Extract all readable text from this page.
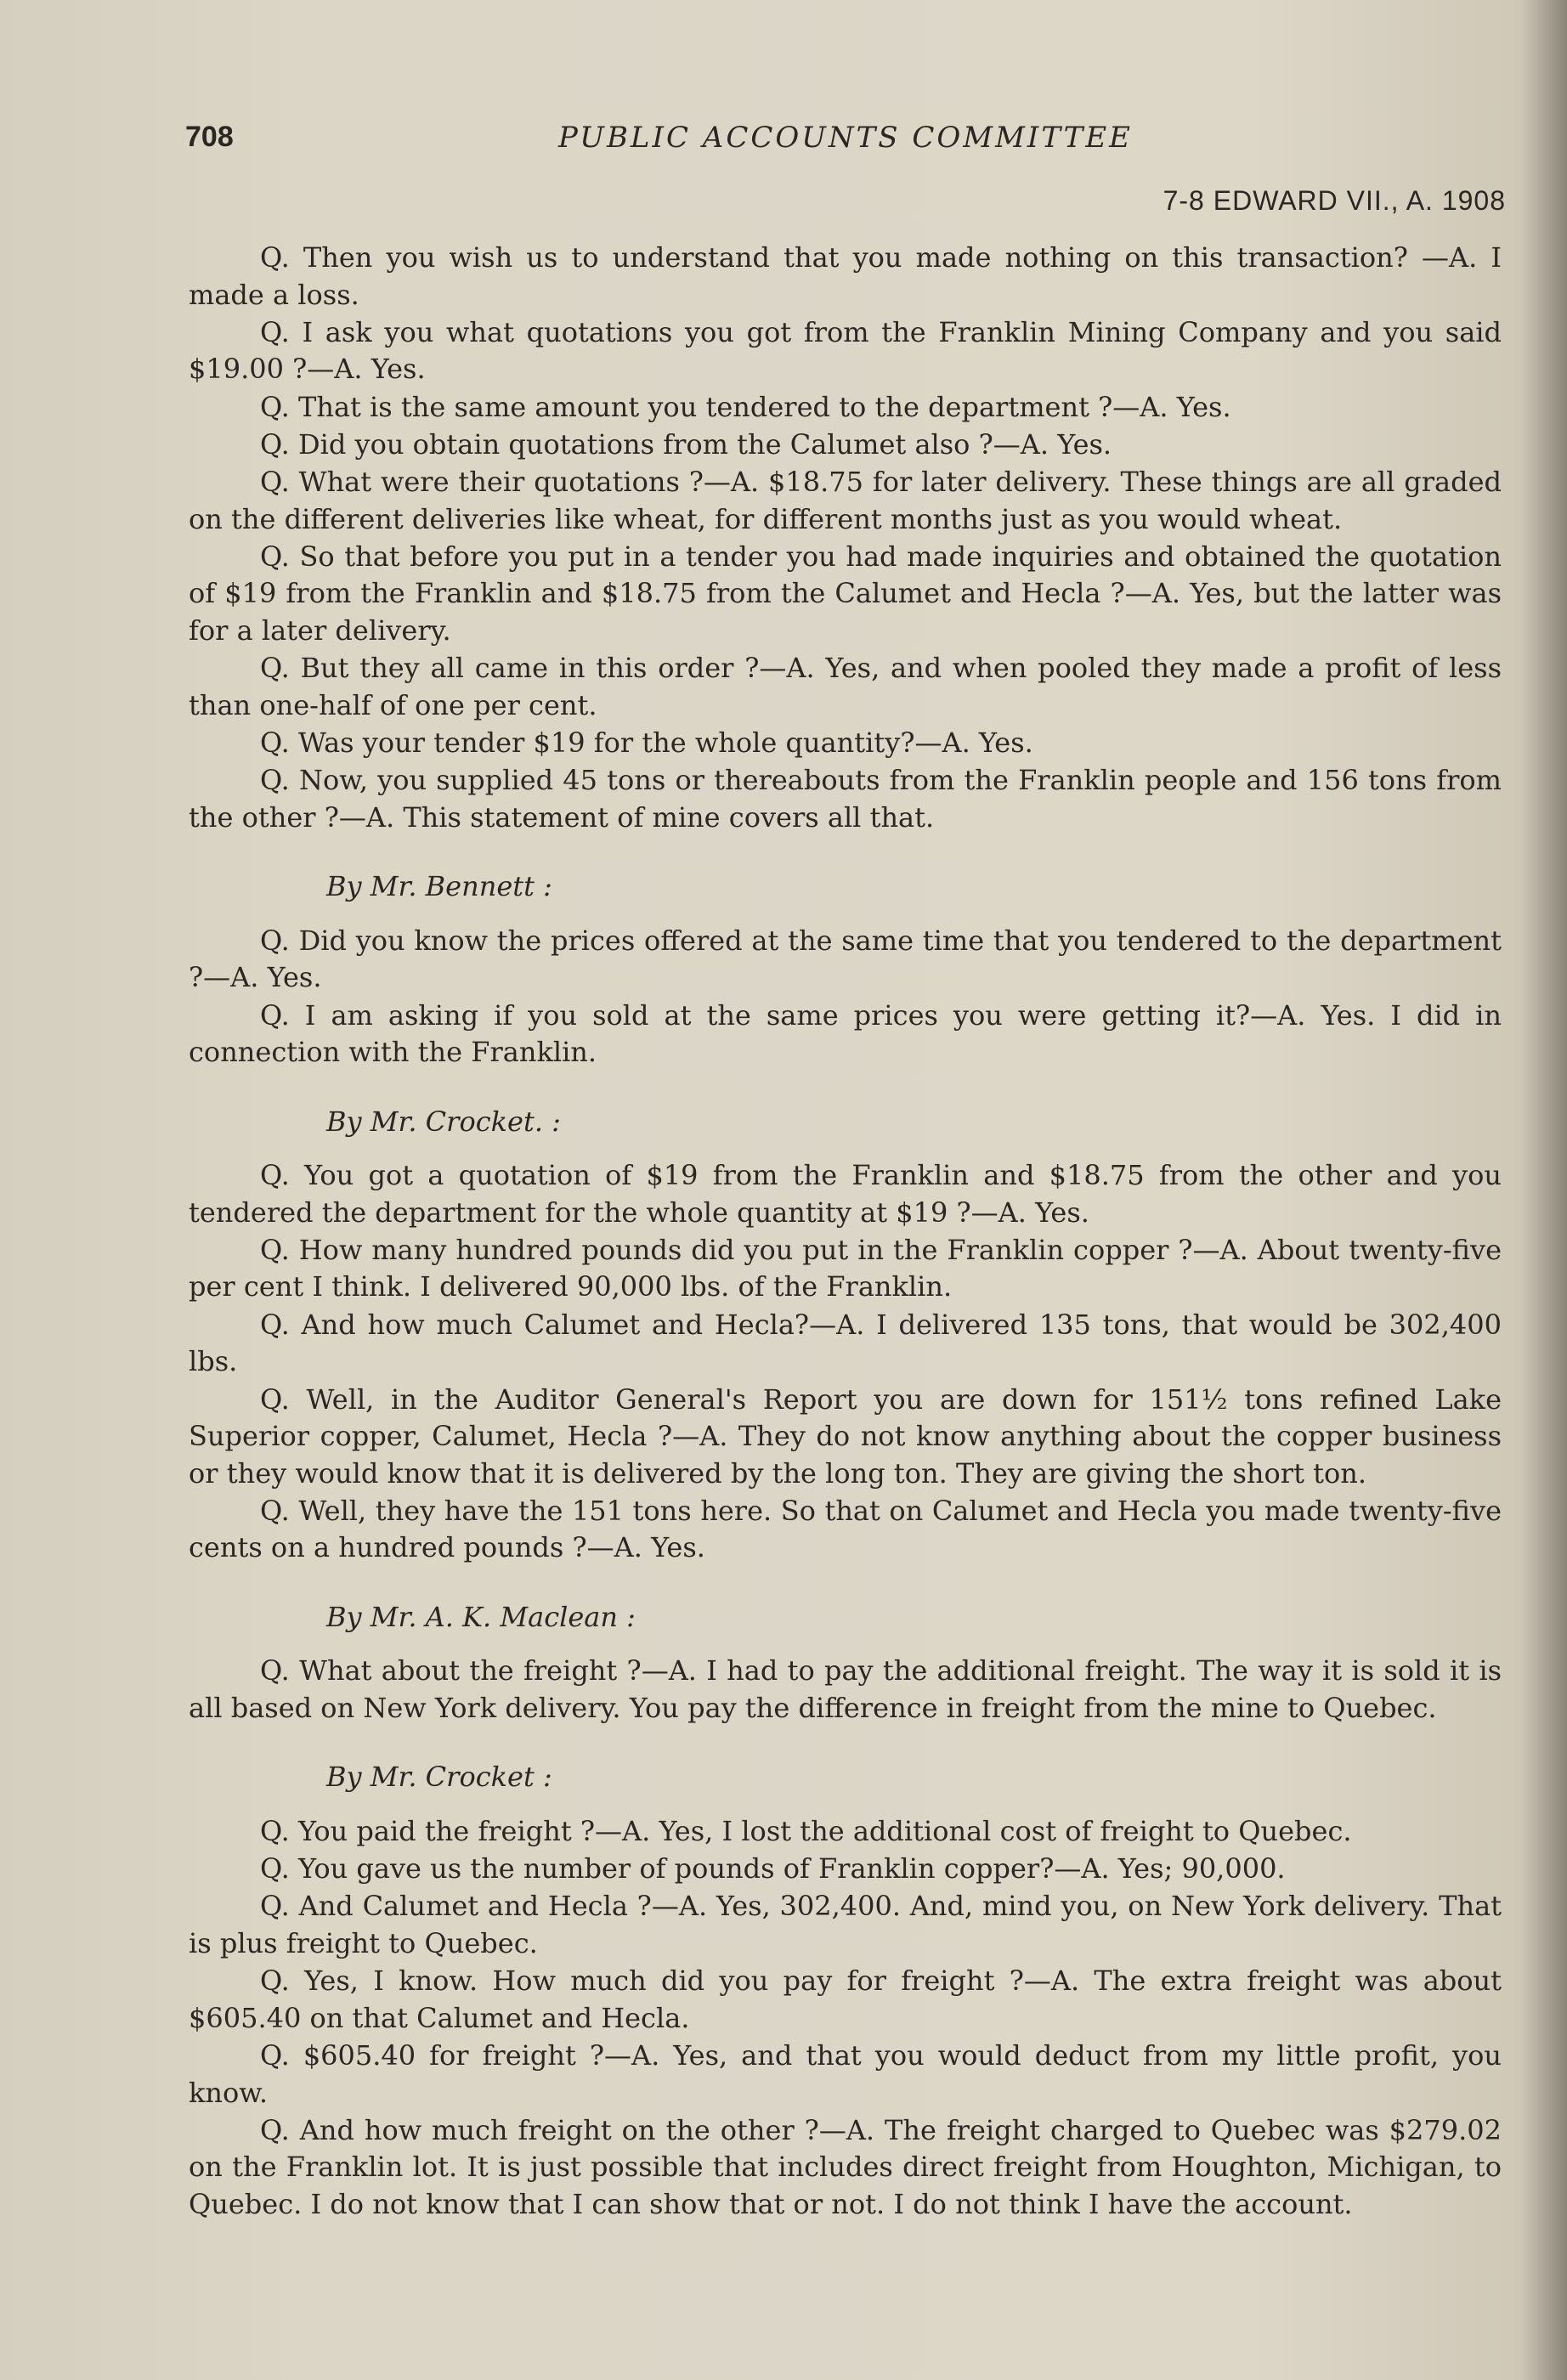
708	PUBLIC ACCOUNTS COMMITTEE
7-8 EDWARD VII., A. 1908

Q. Then you wish us to understand that you made nothing on this transaction? —A. I made a loss.

Q. I ask you what quotations you got from the Franklin Mining Company and you said $19.00 ?—A. Yes.

Q. That is the same amount you tendered to the department ?—A. Yes.

Q. Did you obtain quotations from the Calumet also ?—A. Yes.

Q. What were their quotations ?—A. $18.75 for later delivery. These things are all graded on the different deliveries like wheat, for different months just as you would wheat.

Q. So that before you put in a tender you had made inquiries and obtained the quotation of $19 from the Franklin and $18.75 from the Calumet and Hecla ?—A. Yes, but the latter was for a later delivery.

Q. But they all came in this order ?—A. Yes, and when pooled they made a profit of less than one-half of one per cent.

Q. Was your tender $19 for the whole quantity?—A. Yes.

Q. Now, you supplied 45 tons or thereabouts from the Franklin people and 156 tons from the other ?—A. This statement of mine covers all that.

By Mr. Bennett :

Q. Did you know the prices offered at the same time that you tendered to the department ?—A. Yes.

Q. I am asking if you sold at the same prices you were getting it?—A. Yes. I did in connection with the Franklin.

By Mr. Crocket. :

Q. You got a quotation of $19 from the Franklin and $18.75 from the other and you tendered the department for the whole quantity at $19 ?—A. Yes.

Q. How many hundred pounds did you put in the Franklin copper ?—A. About twenty-five per cent I think. I delivered 90,000 lbs. of the Franklin.

Q. And how much Calumet and Hecla?—A. I delivered 135 tons, that would be 302,400 lbs.

Q. Well, in the Auditor General's Report you are down for 151½ tons refined Lake Superior copper, Calumet, Hecla ?—A. They do not know anything about the copper business or they would know that it is delivered by the long ton. They are giving the short ton.

Q. Well, they have the 151 tons here. So that on Calumet and Hecla you made twenty-five cents on a hundred pounds ?—A. Yes.

By Mr. A. K. Maclean :

Q. What about the freight ?—A. I had to pay the additional freight. The way it is sold it is all based on New York delivery. You pay the difference in freight from the mine to Quebec.

By Mr. Crocket :

Q. You paid the freight ?—A. Yes, I lost the additional cost of freight to Quebec.

Q. You gave us the number of pounds of Franklin copper?—A. Yes; 90,000.

Q. And Calumet and Hecla ?—A. Yes, 302,400. And, mind you, on New York delivery. That is plus freight to Quebec.

Q. Yes, I know. How much did you pay for freight ?—A. The extra freight was about $605.40 on that Calumet and Hecla.

Q. $605.40 for freight ?—A. Yes, and that you would deduct from my little profit, you know.

Q. And how much freight on the other ?—A. The freight charged to Quebec was $279.02 on the Franklin lot. It is just possible that includes direct freight from Houghton, Michigan, to Quebec. I do not know that I can show that or not. I do not think I have the account.
